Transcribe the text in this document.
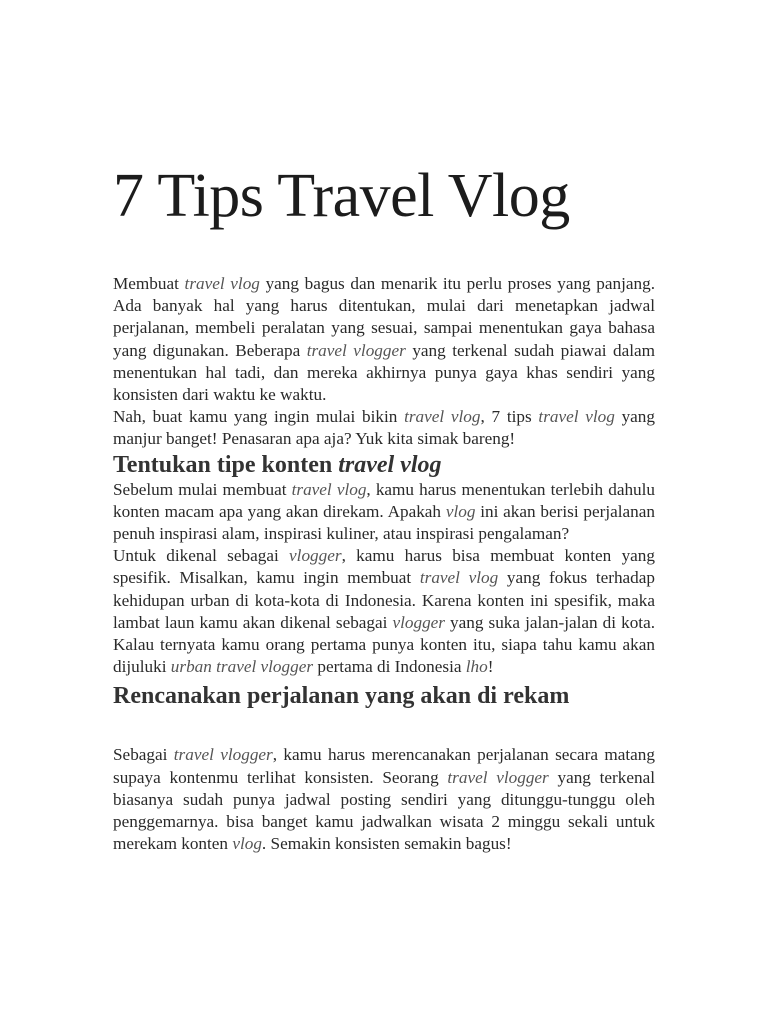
7 Tips Travel Vlog

Membuat travel vlog yang bagus dan menarik itu perlu proses yang panjang. Ada banyak hal yang harus ditentukan, mulai dari menetapkan jadwal perjalanan, membeli peralatan yang sesuai, sampai menentukan gaya bahasa yang digunakan. Beberapa travel vlogger yang terkenal sudah piawai dalam menentukan hal tadi, dan mereka akhirnya punya gaya khas sendiri yang konsisten dari waktu ke waktu.

Nah, buat kamu yang ingin mulai bikin travel vlog, 7 tips travel vlog yang manjur banget! Penasaran apa aja? Yuk kita simak bareng!

Tentukan tipe konten travel vlog

Sebelum mulai membuat travel vlog, kamu harus menentukan terlebih dahulu konten macam apa yang akan direkam. Apakah vlog ini akan berisi perjalanan penuh inspirasi alam, inspirasi kuliner, atau inspirasi pengalaman?

Untuk dikenal sebagai vlogger, kamu harus bisa membuat konten yang spesifik. Misalkan, kamu ingin membuat travel vlog yang fokus terhadap kehidupan urban di kota-kota di Indonesia. Karena konten ini spesifik, maka lambat laun kamu akan dikenal sebagai vlogger yang suka jalan-jalan di kota. Kalau ternyata kamu orang pertama punya konten itu, siapa tahu kamu akan dijuluki urban travel vlogger pertama di Indonesia lho!

Rencanakan perjalanan yang akan di rekam

Sebagai travel vlogger, kamu harus merencanakan perjalanan secara matang supaya kontenmu terlihat konsisten. Seorang travel vlogger yang terkenal biasanya sudah punya jadwal posting sendiri yang ditunggu-tunggu oleh penggemarnya. bisa banget kamu jadwalkan wisata 2 minggu sekali untuk merekam konten vlog. Semakin konsisten semakin bagus!
